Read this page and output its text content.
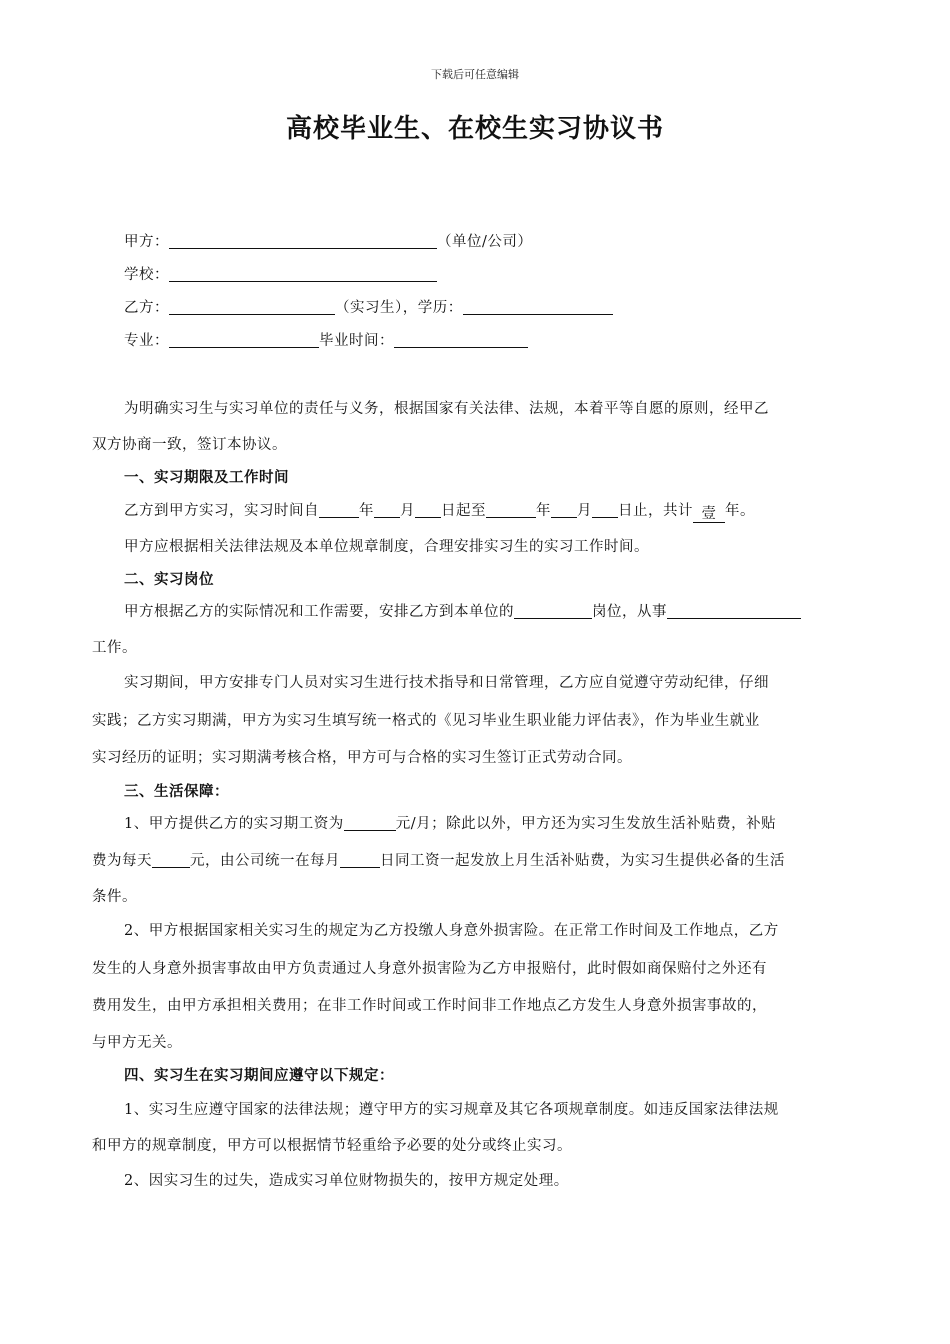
下载后可任意编辑
高校毕业生、在校生实习协议书
甲方：	（单位/公司）
学校：
乙方：	（实习生），学历：
专业：	毕业时间：
为明确实习生与实习单位的责任与义务，根据国家有关法律、法规，本着平等自愿的原则，经甲乙
双方协商一致，签订本协议。
一、实习期限及工作时间
乙方到甲方实习，实习时间自	年 月 日起至	年 月 日止，共计 壹 年。
甲方应根据相关法律法规及本单位规章制度，合理安排实习生的实习工作时间。
二、实习岗位
甲方根据乙方的实际情况和工作需要，安排乙方到本单位的	岗位，从事
工作。
实习期间，甲方安排专门人员对实习生进行技术指导和日常管理，乙方应自觉遵守劳动纪律，仔细
实践；乙方实习期满，甲方为实习生填写统一格式的《见习毕业生职业能力评估表》，作为毕业生就业
实习经历的证明；实习期满考核合格，甲方可与合格的实习生签订正式劳动合同。
三、生活保障：
1、甲方提供乙方的实习期工资为	元/月；除此以外，甲方还为实习生发放生活补贴费，补贴
费为每天	元，由公司统一在每月	日同工资一起发放上月生活补贴费，为实习生提供必备的生活
条件。
2、甲方根据国家相关实习生的规定为乙方投缴人身意外损害险。在正常工作时间及工作地点，乙方
发生的人身意外损害事故由甲方负责通过人身意外损害险为乙方申报赔付，此时假如商保赔付之外还有
费用发生，由甲方承担相关费用；在非工作时间或工作时间非工作地点乙方发生人身意外损害事故的，
与甲方无关。
四、实习生在实习期间应遵守以下规定：
1、实习生应遵守国家的法律法规；遵守甲方的实习规章及其它各项规章制度。如违反国家法律法规
和甲方的规章制度，甲方可以根据情节轻重给予必要的处分或终止实习。
2、因实习生的过失，造成实习单位财物损失的，按甲方规定处理。
